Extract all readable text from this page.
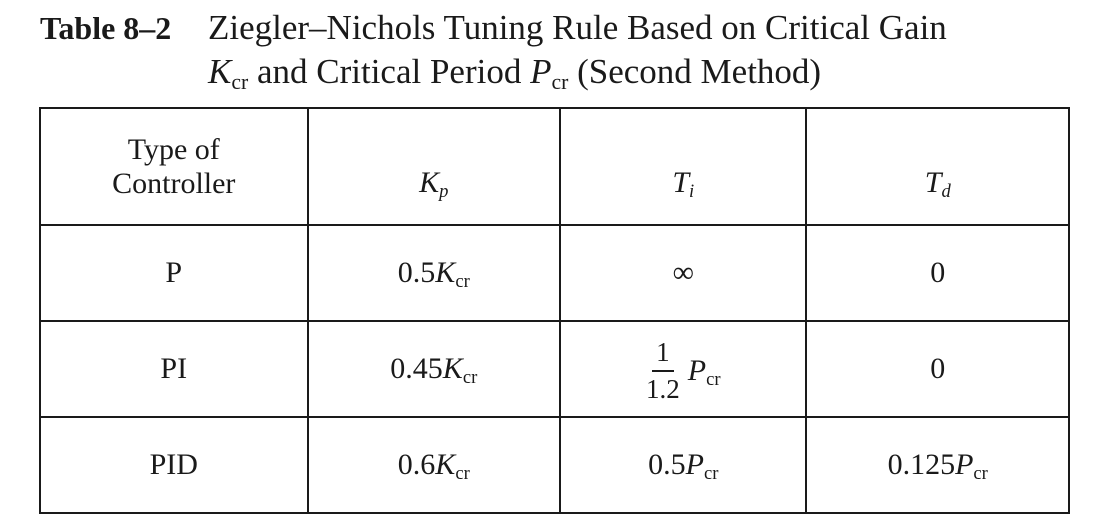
Table 8–2	Ziegler–Nichols Tuning Rule Based on Critical Gain
Kcr and Critical Period Pcr (Second Method)
Type of
Controller	Kp	Ti	Td
P	0.5Kcr	∞	0
PI	0.45Kcr	$\frac{1}{1.2}$ Pcr	0
PID	0.6Kcr	0.5Pcr	0.125Pcr
